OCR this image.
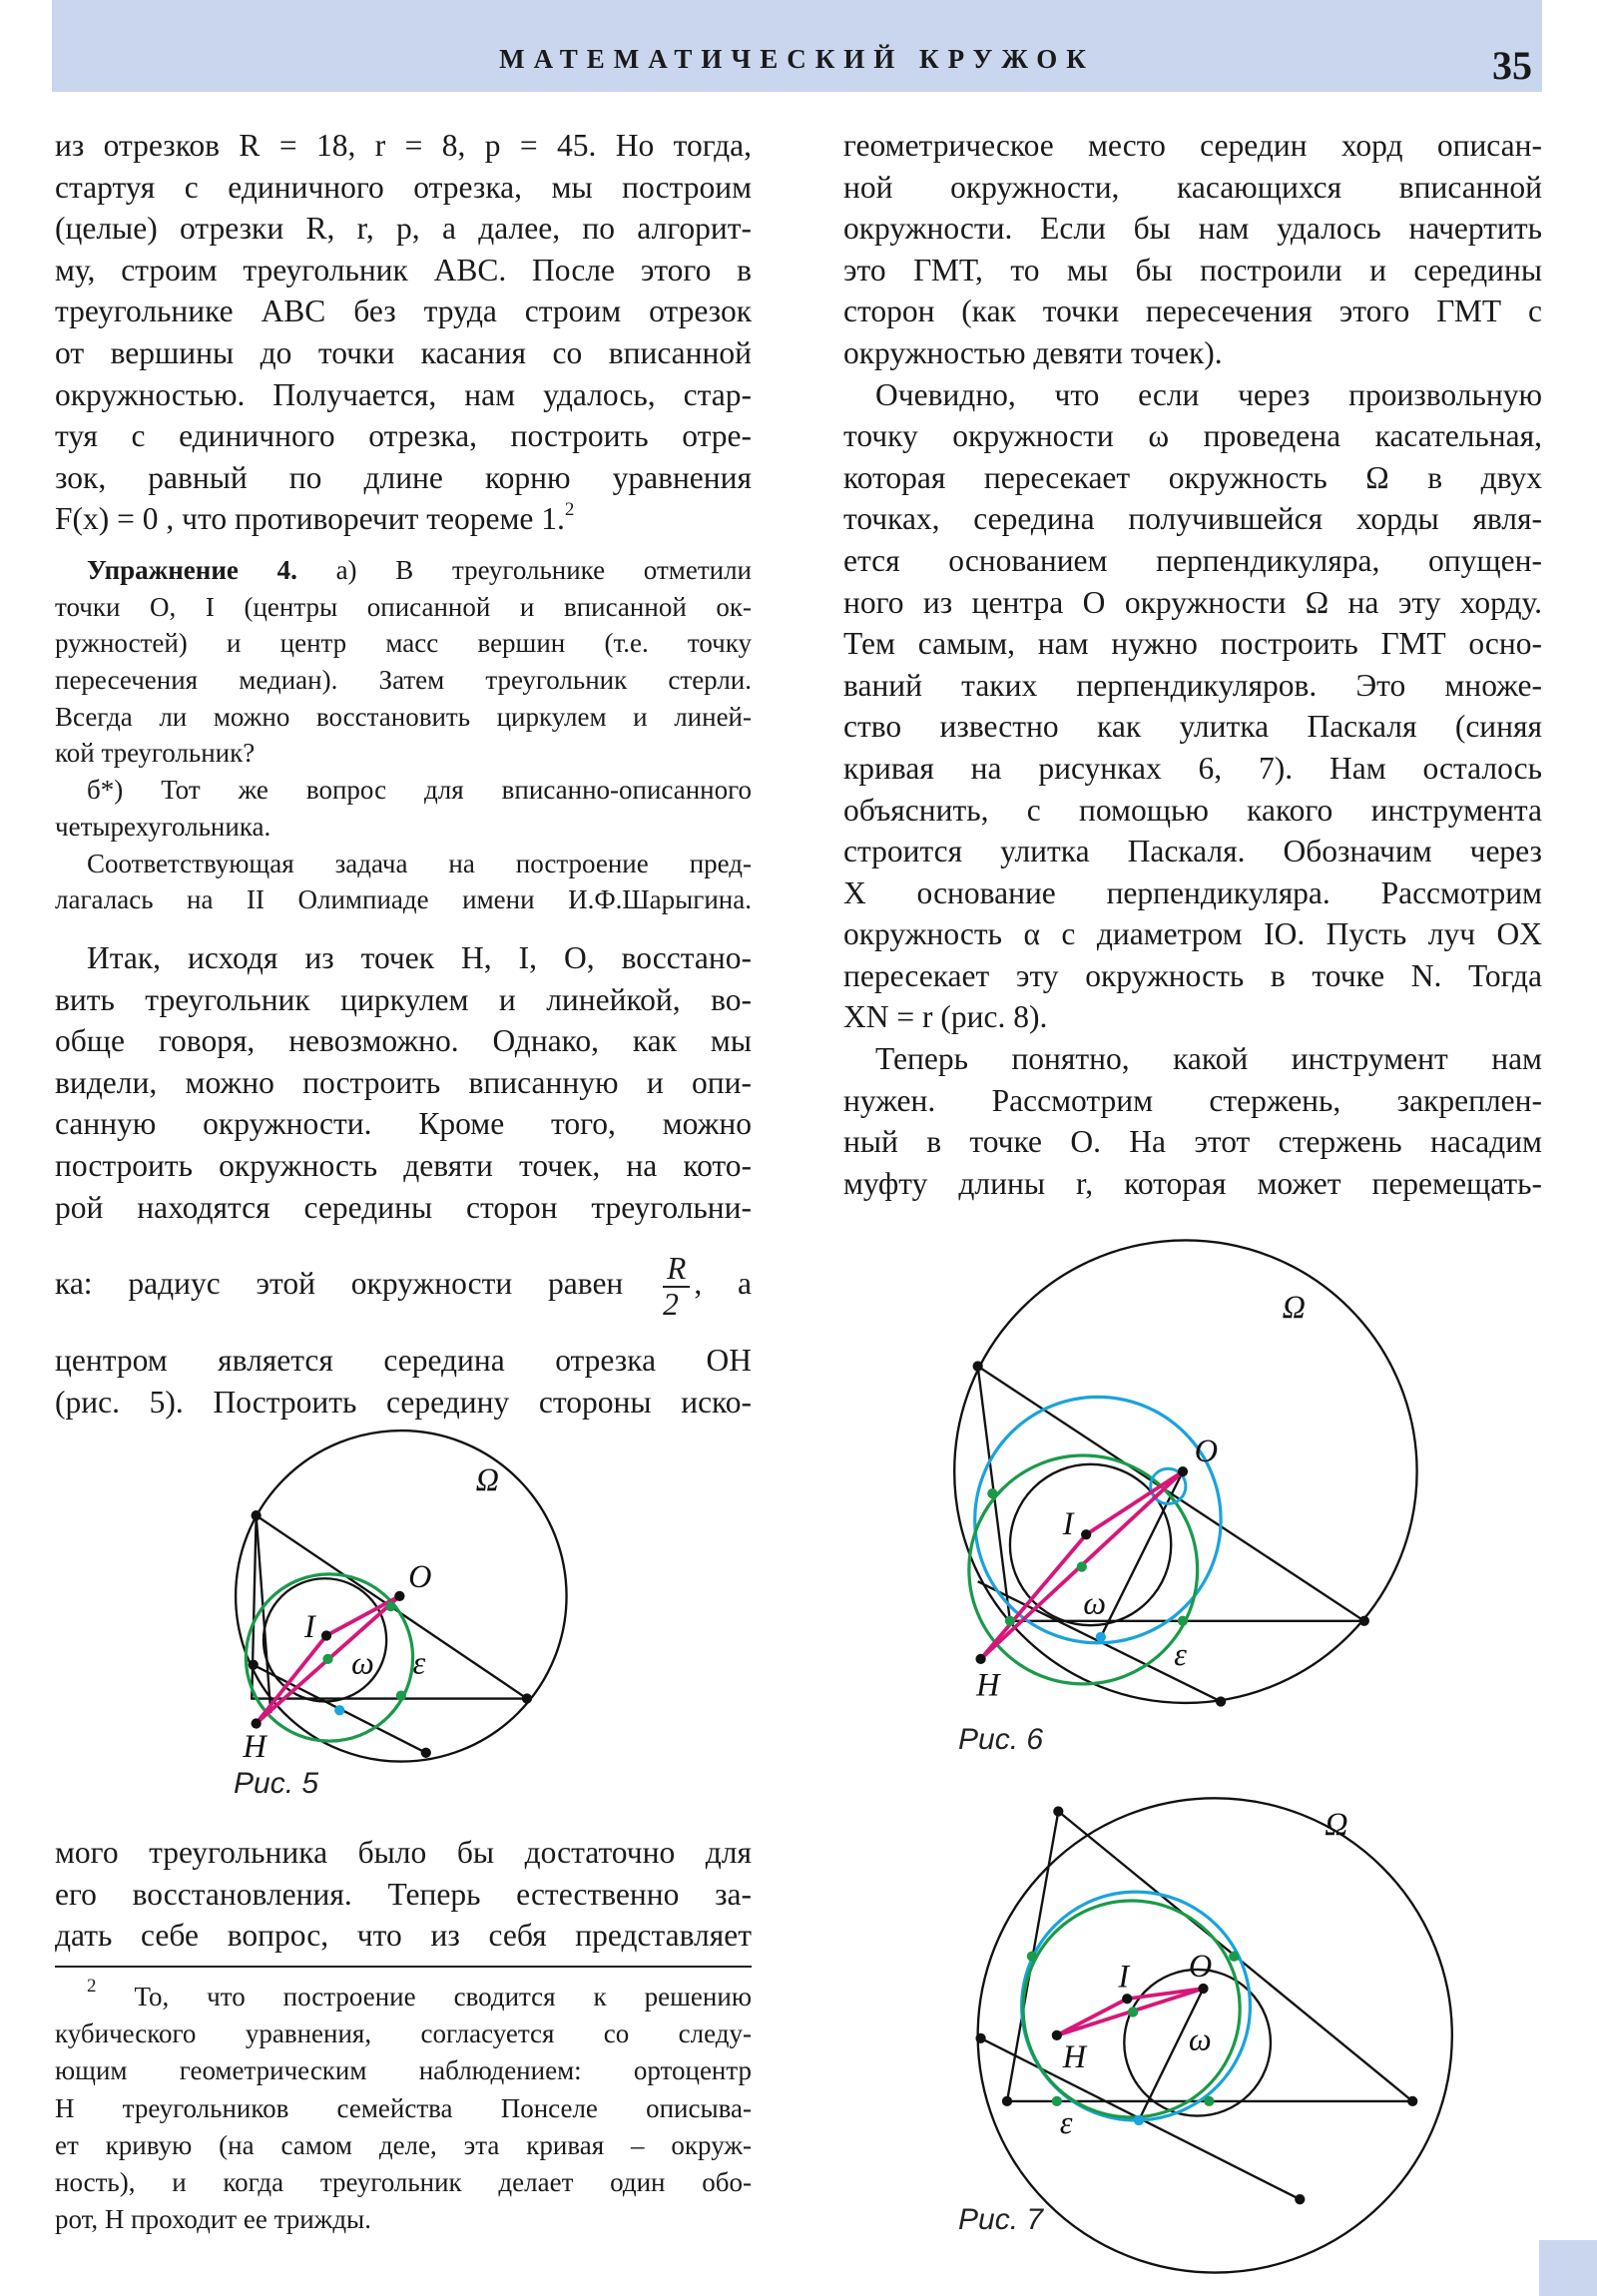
МАТЕМАТИЧЕСКИЙ КРУЖОК	35
из отрезков R = 18, r = 8, p = 45. Но тогда,
стартуя с единичного отрезка, мы построим
(целые) отрезки R, r, p, а далее, по алгорит-
му, строим треугольник ABC. После этого в
треугольнике ABC без труда строим отрезок
от вершины до точки касания со вписанной
окружностью. Получается, нам удалось, стар-
туя с единичного отрезка, построить отре-
зок, равный по длине корню уравнения
F(x) = 0 , что противоречит теореме 1.$^2$
Упражнение 4. а) В треугольнике отметили
точки O, I (центры описанной и вписанной ок-
ружностей) и центр масс вершин (т.е. точку
пересечения медиан). Затем треугольник стерли.
Всегда ли можно восстановить циркулем и линей-
кой треугольник?
б*) Тот же вопрос для вписанно-описанного
четырехугольника.
Соответствующая задача на построение пред-
лагалась на II Олимпиаде имени И.Ф.Шарыгина.
Итак, исходя из точек H, I, O, восстано-
вить треугольник циркулем и линейкой, во-
обще говоря, невозможно. Однако, как мы
видели, можно построить вписанную и опи-
санную окружности. Кроме того, можно
построить окружность девяти точек, на кото-
рой находятся середины сторон треугольни-
ка: радиус этой окружности равен $\frac{R}{2}$ , а
центром является середина отрезка OH
(рис. 5). Построить середину стороны иско-
мого треугольника было бы достаточно для
его восстановления. Теперь естественно за-
дать себе вопрос, что из себя представляет
$^2$ То, что построение сводится к решению
кубического уравнения, согласуется со следу-
ющим геометрическим наблюдением: ортоцентр
H треугольников семейства Понселе описыва-
ет кривую (на самом деле, эта кривая – окруж-
ность), и когда треугольник делает один обо-
рот, H проходит ее трижды.
геометрическое место середин хорд описан-
ной окружности, касающихся вписанной
окружности. Если бы нам удалось начертить
это ГМТ, то мы бы построили и середины
сторон (как точки пересечения этого ГМТ с
окружностью девяти точек).
Очевидно, что если через произвольную
точку окружности ω проведена касательная,
которая пересекает окружность Ω в двух
точках, середина получившейся хорды явля-
ется основанием перпендикуляра, опущен-
ного из центра O окружности Ω на эту хорду.
Тем самым, нам нужно построить ГМТ осно-
ваний таких перпендикуляров. Это множе-
ство известно как улитка Паскаля (синяя
кривая на рисунках 6, 7). Нам осталось
объяснить, с помощью какого инструмента
строится улитка Паскаля. Обозначим через
X основание перпендикуляра. Рассмотрим
окружность α с диаметром IO. Пусть луч OX
пересекает эту окружность в точке N. Тогда
XN = r (рис. 8).
Теперь понятно, какой инструмент нам
нужен. Рассмотрим стержень, закреплен-
ный в точке O. На этот стержень насадим
муфту длины r, которая может перемещать-
Ω
O
I
H
ω ε
Ω
O
I
H
ω
ε
Ω
O
I
H	ω
ε
Рис. 5
Рис. 6
Рис. 7
